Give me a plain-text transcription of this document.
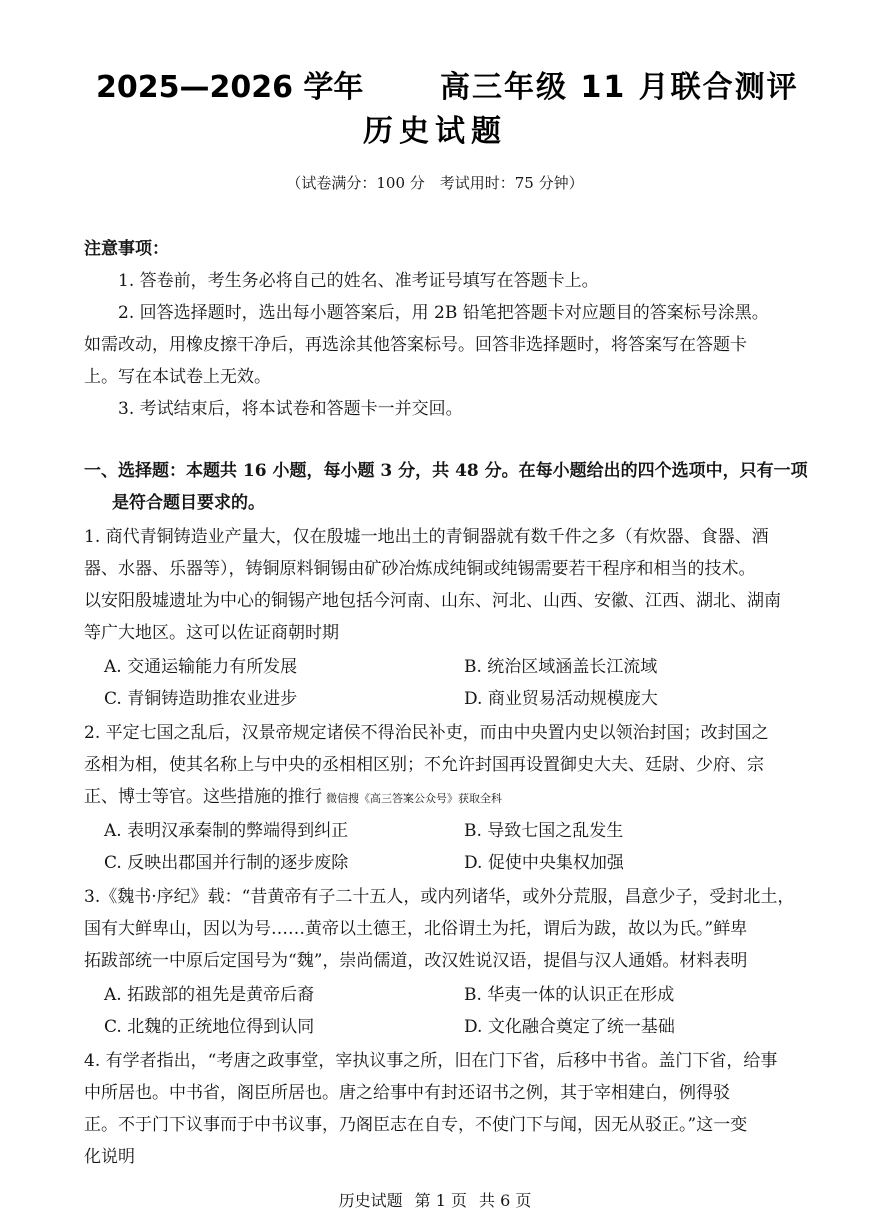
2025—2026 学年	高三年级 11 月联合测评
历史试题
（试卷满分：100 分　考试用时：75 分钟）
注意事项：
1. 答卷前，考生务必将自己的姓名、准考证号填写在答题卡上。
2. 回答选择题时，选出每小题答案后，用 2B 铅笔把答题卡对应题目的答案标号涂黑。
如需改动，用橡皮擦干净后，再选涂其他答案标号。回答非选择题时，将答案写在答题卡
上。写在本试卷上无效。
3. 考试结束后，将本试卷和答题卡一并交回。
一、选择题：本题共 16 小题，每小题 3 分，共 48 分。在每小题给出的四个选项中，只有一项
是符合题目要求的。
1. 商代青铜铸造业产量大，仅在殷墟一地出土的青铜器就有数千件之多（有炊器、食器、酒
器、水器、乐器等），铸铜原料铜锡由矿砂冶炼成纯铜或纯锡需要若干程序和相当的技术。
以安阳殷墟遗址为中心的铜锡产地包括今河南、山东、河北、山西、安徽、江西、湖北、湖南
等广大地区。这可以佐证商朝时期
A. 交通运输能力有所发展	B. 统治区域涵盖长江流域
C. 青铜铸造助推农业进步	D. 商业贸易活动规模庞大
2. 平定七国之乱后，汉景帝规定诸侯不得治民补吏，而由中央置内史以领治封国；改封国之
丞相为相，使其名称上与中央的丞相相区别；不允许封国再设置御史大夫、廷尉、少府、宗
正、博士等官。这些措施的推行 微信搜《高三答案公众号》获取全科
A. 表明汉承秦制的弊端得到纠正	B. 导致七国之乱发生
C. 反映出郡国并行制的逐步废除	D. 促使中央集权加强
3.《魏书·序纪》载：“昔黄帝有子二十五人，或内列诸华，或外分荒服，昌意少子，受封北土，
国有大鲜卑山，因以为号……黄帝以土德王，北俗谓土为托，谓后为跋，故以为氏。”鲜卑
拓跋部统一中原后定国号为“魏”，崇尚儒道，改汉姓说汉语，提倡与汉人通婚。材料表明
A. 拓跋部的祖先是黄帝后裔	B. 华夷一体的认识正在形成
C. 北魏的正统地位得到认同	D. 文化融合奠定了统一基础
4. 有学者指出，“考唐之政事堂，宰执议事之所，旧在门下省，后移中书省。盖门下省，给事
中所居也。中书省，阁臣所居也。唐之给事中有封还诏书之例，其于宰相建白，例得驳
正。不于门下议事而于中书议事，乃阁臣志在自专，不使门下与闻，因无从驳正。”这一变
化说明
历史试题 第 1 页 共 6 页
